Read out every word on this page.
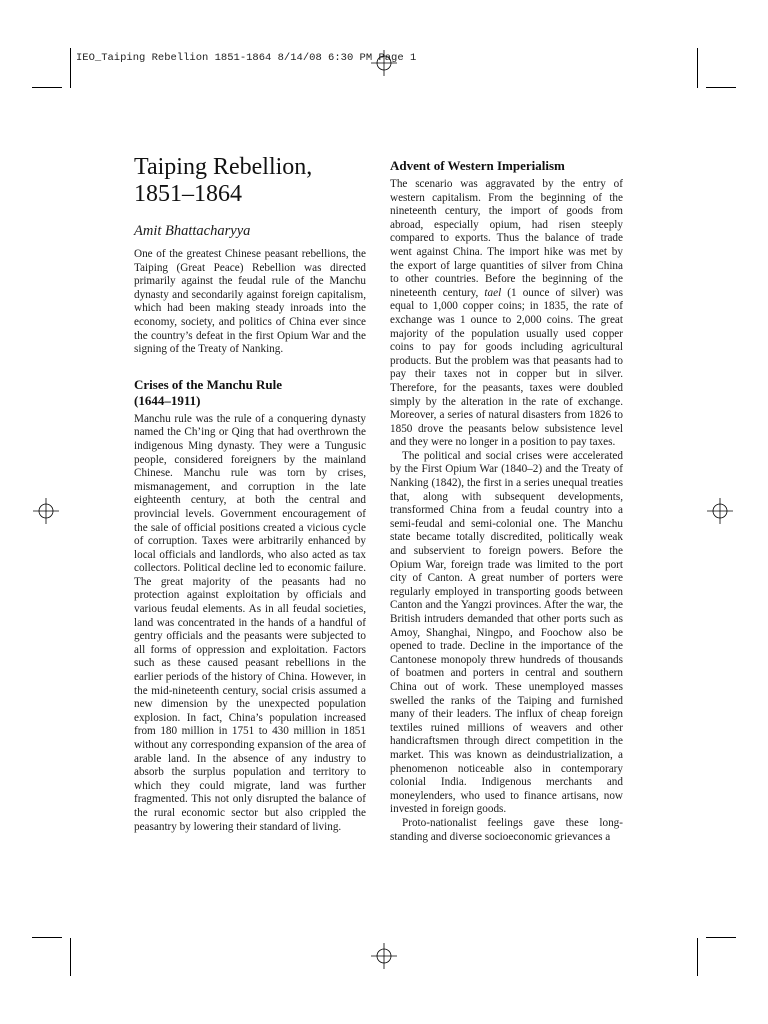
IEO_Taiping Rebellion 1851-1864 8/14/08 6:30 PM Page 1
Taiping Rebellion,
1851–1864
Amit Bhattacharyya

One of the greatest Chinese peasant rebellions, the Taiping (Great Peace) Rebellion was directed primarily against the feudal rule of the Manchu dynasty and secondarily against foreign capitalism, which had been making steady inroads into the economy, society, and politics of China ever since the country’s defeat in the first Opium War and the signing of the Treaty of Nanking.

Crises of the Manchu Rule
(1644–1911)

Manchu rule was the rule of a conquering dynasty named the Ch’ing or Qing that had overthrown the indigenous Ming dynasty. They were a Tungusic people, considered foreigners by the mainland Chinese. Manchu rule was torn by crises, mismanagement, and corruption in the late eighteenth century, at both the central and provincial levels. Government encouragement of the sale of official positions created a vicious cycle of corruption. Taxes were arbitrarily enhanced by local officials and landlords, who also acted as tax collectors. Political decline led to economic failure. The great majority of the peasants had no protection against exploitation by officials and various feudal elements. As in all feudal societies, land was concentrated in the hands of a handful of gentry officials and the peasants were subjected to all forms of oppression and exploitation. Factors such as these caused peasant rebellions in the earlier periods of the history of China. However, in the mid-nineteenth century, social crisis assumed a new dimension by the unexpected population explosion. In fact, China’s population increased from 180 million in 1751 to 430 million in 1851 without any corresponding expansion of the area of arable land. In the absence of any industry to absorb the surplus population and territory to which they could migrate, land was further fragmented. This not only disrupted the balance of the rural economic sector but also crippled the peasantry by lowering their standard of living.

Advent of Western Imperialism

The scenario was aggravated by the entry of western capitalism. From the beginning of the nineteenth century, the import of goods from abroad, especially opium, had risen steeply compared to exports. Thus the balance of trade went against China. The import hike was met by the export of large quantities of silver from China to other countries. Before the beginning of the nineteenth century, tael (1 ounce of silver) was equal to 1,000 copper coins; in 1835, the rate of exchange was 1 ounce to 2,000 coins. The great majority of the population usually used copper coins to pay for goods including agricultural products. But the problem was that peasants had to pay their taxes not in copper but in silver. Therefore, for the peasants, taxes were doubled simply by the alteration in the rate of exchange. Moreover, a series of natural disasters from 1826 to 1850 drove the peasants below subsistence level and they were no longer in a position to pay taxes.

The political and social crises were accelerated by the First Opium War (1840–2) and the Treaty of Nanking (1842), the first in a series unequal treaties that, along with subsequent developments, transformed China from a feudal country into a semi-feudal and semi-colonial one. The Manchu state became totally discredited, politically weak and subservient to foreign powers. Before the Opium War, foreign trade was limited to the port city of Canton. A great number of porters were regularly employed in transporting goods between Canton and the Yangzi provinces. After the war, the British intruders demanded that other ports such as Amoy, Shanghai, Ningpo, and Foochow also be opened to trade. Decline in the importance of the Cantonese monopoly threw hundreds of thousands of boatmen and porters in central and southern China out of work. These unemployed masses swelled the ranks of the Taiping and furnished many of their leaders. The influx of cheap foreign textiles ruined millions of weavers and other handicraftsmen through direct competition in the market. This was known as deindustrialization, a phenomenon noticeable also in contemporary colonial India. Indigenous merchants and moneylenders, who used to finance artisans, now invested in foreign goods.

Proto-nationalist feelings gave these long-standing and diverse socioeconomic grievances a
